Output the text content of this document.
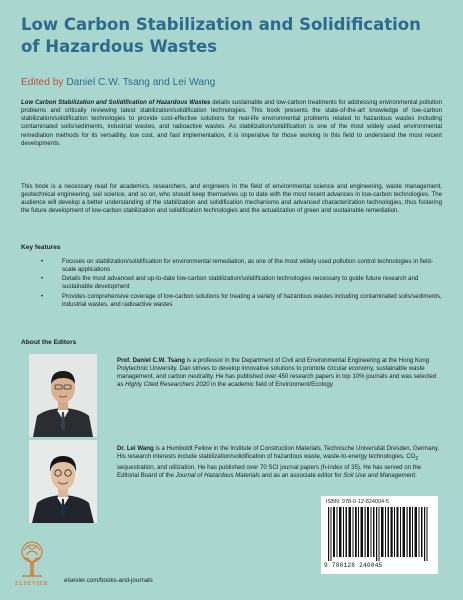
Low Carbon Stabilization and Solidification
of Hazardous Wastes
Edited by Daniel C.W. Tsang and Lei Wang

Low Carbon Stabilization and Solidification of Hazardous Wastes details sustainable and low-carbon treatments for addressing environmental pollution problems and critically reviewing latest stabilization/solidification technologies. This book presents the state-of-the-art knowledge of low-carbon stabilization/solidification technologies to provide cost-effective solutions for real-life environmental problems related to hazardous wastes including contaminated soils/sediments, industrial wastes, and radioactive wastes. As stabilization/solidification is one of the most widely used environmental remediation methods for its versatility, low cost, and fast implementation, it is imperative for those working in this field to understand the most recent developments.

This book is a necessary read for academics, researchers, and engineers in the field of environmental science and engineering, waste management, geotechnical engineering, soil science, and so on, who should keep themselves up to date with the most recent advances in low-carbon technologies. The audience will develop a better understanding of the stabilization and solidification mechanisms and advanced characterization technologies, thus fostering the future development of low-carbon stabilization and solidification technologies and the actualization of green and sustainable remediation.

Key features

•	Focuses on stabilization/solidification for environmental remediation, as one of the most widely used pollution control technologies in field-scale applications
•	Details the most advanced and up-to-date low-carbon stabilization/solidification technologies necessary to guide future research and sustainable development
•	Provides comprehensive coverage of low-carbon solutions for treating a variety of hazardous wastes including contaminated soils/sediments, industrial wastes, and radioactive wastes

About the Editors

Prof. Daniel C.W. Tsang is a professor in the Department of Civil and Environmental Engineering at the Hong Kong Polytechnic University. Dan strives to develop innovative solutions to promote circular economy, sustainable waste management, and carbon neutrality. He has published over 450 research papers in top 10% journals and was selected as Highly Cited Researchers 2020 in the academic field of Environment/Ecology.

Dr. Lei Wang is a Humboldt Fellow in the Institute of Construction Materials, Technische Universität Dresden, Germany. His research interests include stabilization/solidification of hazardous waste, waste-to-energy technologies, $CO_2$ sequestration, and utilization. He has published over 70 SCI journal papers (h-index of 35). He has served on the Editorial Board of the Journal of Hazardous Materials and as an associate editor for Soil Use and Management.

ISBN: 978-0-12-824004-5
9 780128 240045
ELSEVIER	elsevier.com/books-and-journals
